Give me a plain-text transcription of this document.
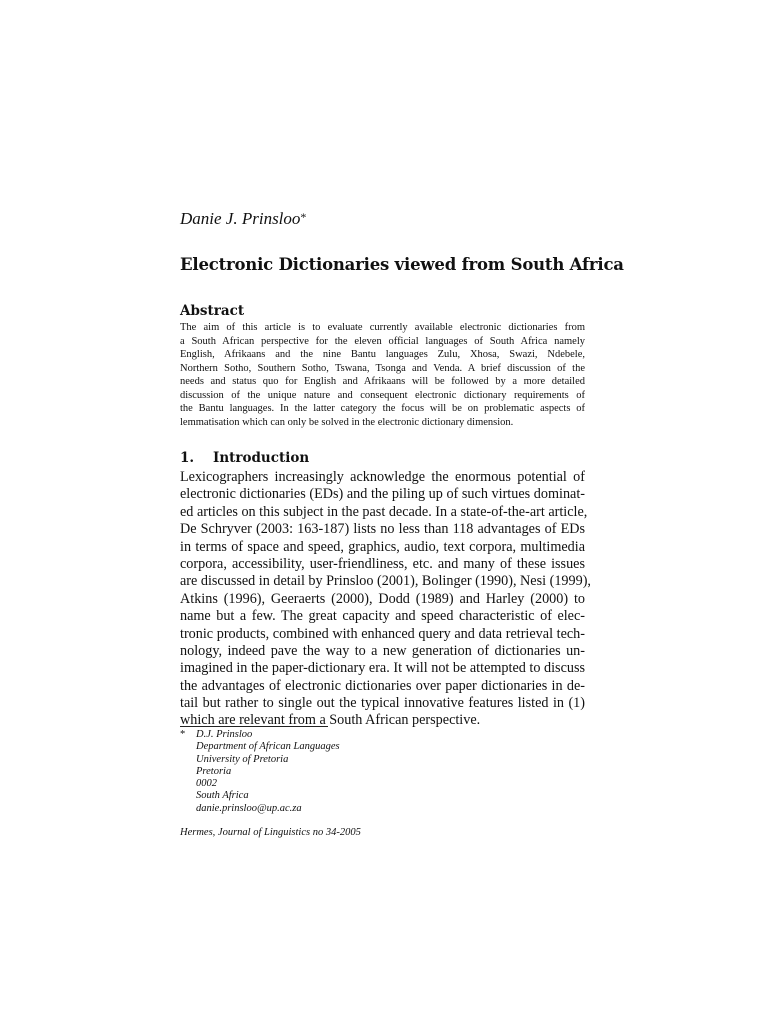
Danie J. Prinsloo*
Electronic Dictionaries viewed from South Africa
Abstract
The aim of this article is to evaluate currently available electronic dictionaries from
a South African perspective for the eleven official languages of South Africa namely
English, Afrikaans and the nine Bantu languages Zulu, Xhosa, Swazi, Ndebele,
Northern Sotho, Southern Sotho, Tswana, Tsonga and Venda. A brief discussion of the
needs and status quo for English and Afrikaans will be followed by a more detailed
discussion of the unique nature and consequent electronic dictionary requirements of
the Bantu languages. In the latter category the focus will be on problematic aspects of
lemmatisation which can only be solved in the electronic dictionary dimension.
1. Introduction
Lexicographers increasingly acknowledge the enormous potential of
electronic dictionaries (EDs) and the piling up of such virtues dominat-
ed articles on this subject in the past decade. In a state-of-the-art article,
De Schryver (2003: 163-187) lists no less than 118 advantages of EDs
in terms of space and speed, graphics, audio, text corpora, multimedia
corpora, accessibility, user-friendliness, etc. and many of these issues
are discussed in detail by Prinsloo (2001), Bolinger (1990), Nesi (1999),
Atkins (1996), Geeraerts (2000), Dodd (1989) and Harley (2000) to
name but a few. The great capacity and speed characteristic of elec-
tronic products, combined with enhanced query and data retrieval tech-
nology, indeed pave the way to a new generation of dictionaries un-
imagined in the paper-dictionary era. It will not be attempted to discuss
the advantages of electronic dictionaries over paper dictionaries in de-
tail but rather to single out the typical innovative features listed in (1)
which are relevant from a South African perspective.
* D.J. Prinsloo
Department of African Languages
University of Pretoria
Pretoria
0002
South Africa
danie.prinsloo@up.ac.za
Hermes, Journal of Linguistics no 34-2005
